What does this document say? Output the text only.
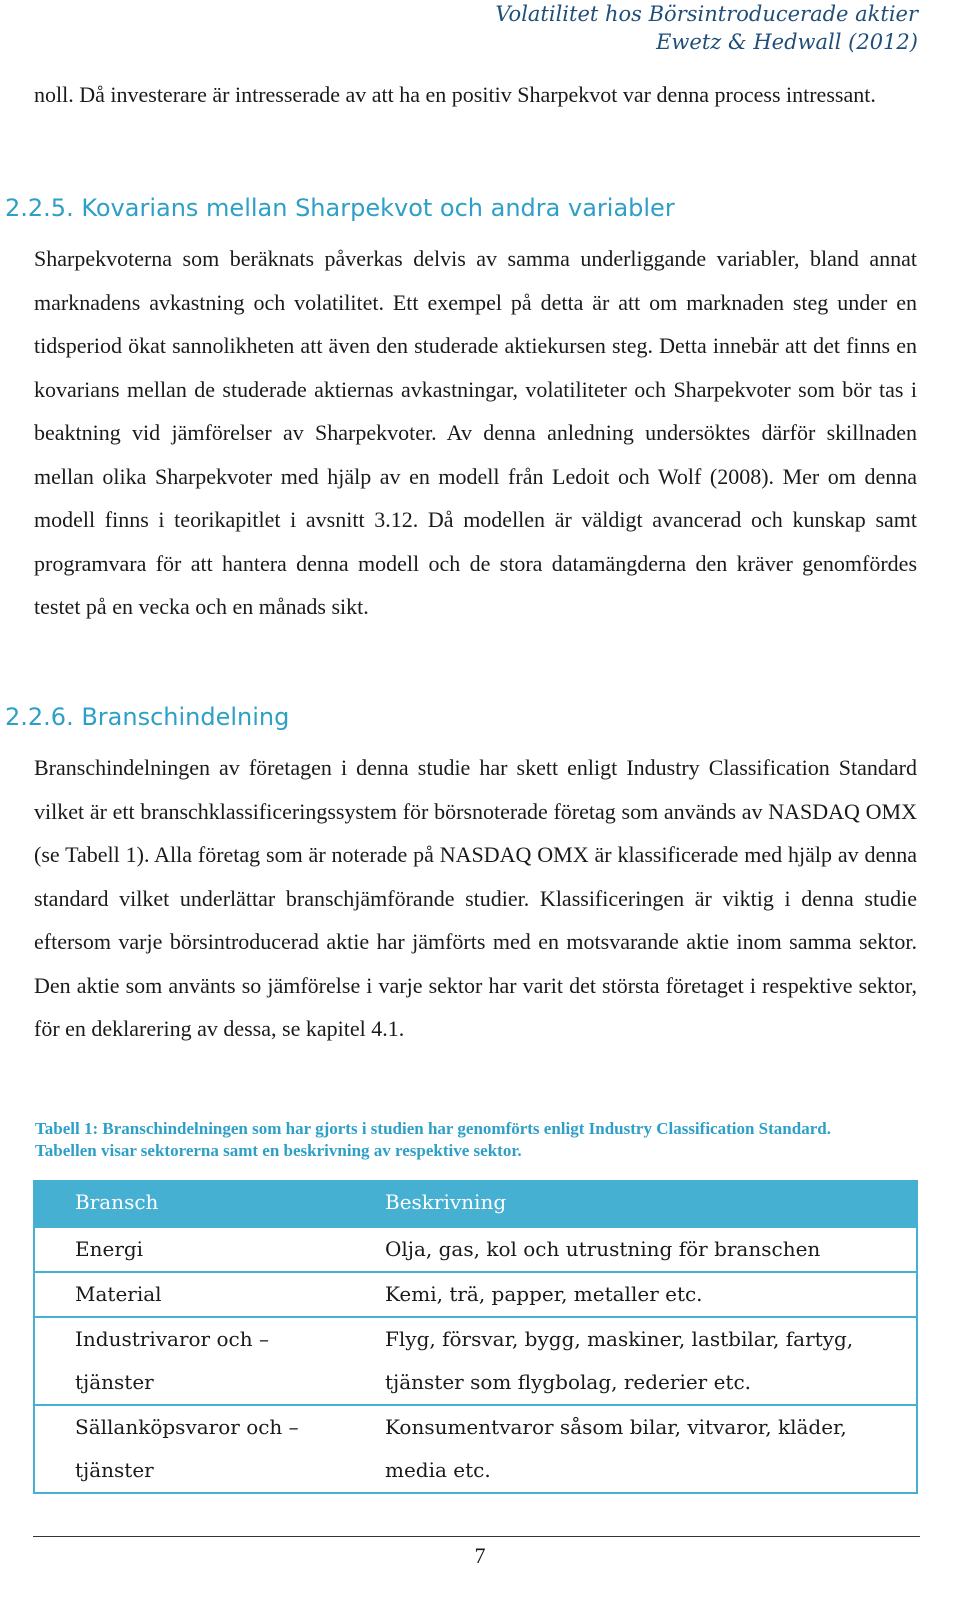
Volatilitet hos Börsintroducerade aktier
Ewetz & Hedwall (2012)

noll. Då investerare är intresserade av att ha en positiv Sharpekvot var denna process intressant.

2.2.5. Kovarians mellan Sharpekvot och andra variabler

Sharpekvoterna som beräknats påverkas delvis av samma underliggande variabler, bland annat marknadens avkastning och volatilitet. Ett exempel på detta är att om marknaden steg under en tidsperiod ökat sannolikheten att även den studerade aktiekursen steg. Detta innebär att det finns en kovarians mellan de studerade aktiernas avkastningar, volatiliteter och Sharpekvoter som bör tas i beaktning vid jämförelser av Sharpekvoter. Av denna anledning undersöktes därför skillnaden mellan olika Sharpekvoter med hjälp av en modell från Ledoit och Wolf (2008). Mer om denna modell finns i teorikapitlet i avsnitt 3.12. Då modellen är väldigt avancerad och kunskap samt programvara för att hantera denna modell och de stora datamängderna den kräver genomfördes testet på en vecka och en månads sikt.

2.2.6. Branschindelning

Branschindelningen av företagen i denna studie har skett enligt Industry Classification Standard vilket är ett branschklassificeringssystem för börsnoterade företag som används av NASDAQ OMX (se Tabell 1). Alla företag som är noterade på NASDAQ OMX är klassificerade med hjälp av denna standard vilket underlättar branschjämförande studier. Klassificeringen är viktig i denna studie eftersom varje börsintroducerad aktie har jämförts med en motsvarande aktie inom samma sektor. Den aktie som använts so jämförelse i varje sektor har varit det största företaget i respektive sektor, för en deklarering av dessa, se kapitel 4.1.

Tabell 1: Branschindelningen som har gjorts i studien har genomförts enligt Industry Classification Standard.
Tabellen visar sektorerna samt en beskrivning av respektive sektor.
Bransch	Beskrivning

Energi	Olja, gas, kol och utrustning för branschen

Material	Kemi, trä, papper, metaller etc.

Industrivaror och –
tjänster	Flyg, försvar, bygg, maskiner, lastbilar, fartyg,
tjänster som flygbolag, rederier etc.

Sällanköpsvaror och –
tjänster	Konsumentvaror såsom bilar, vitvaror, kläder,
media etc.
7
